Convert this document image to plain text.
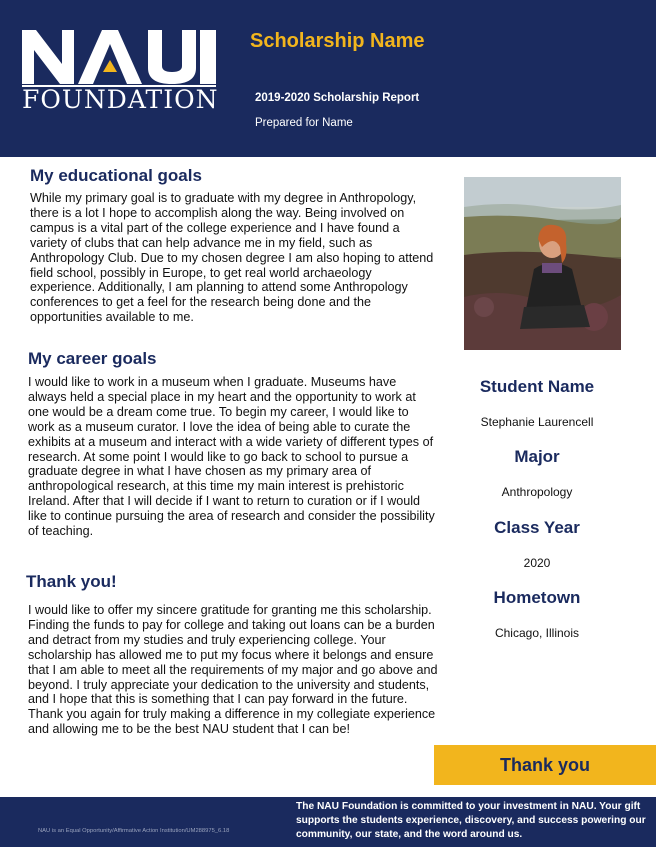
FOUNDATION
Scholarship Name
2019-2020 Scholarship Report
Prepared for Name
My educational goals
While my primary goal is to graduate with my degree in Anthropology,
there is a lot I hope to accomplish along the way. Being involved on
campus is a vital part of the college experience and I have found a
variety of clubs that can help advance me in my field, such as
Anthropology Club. Due to my chosen degree I am also hoping to attend
field school, possibly in Europe, to get real world archaeology
experience. Additionally, I am planning to attend some Anthropology
conferences to get a feel for the research being done and the
opportunities available to me.
My career goals
I would like to work in a museum when I graduate. Museums have
always held a special place in my heart and the opportunity to work at
one would be a dream come true. To begin my career, I would like to
work as a museum curator. I love the idea of being able to curate the
exhibits at a museum and interact with a wide variety of different types of
research. At some point I would like to go back to school to pursue a
graduate degree in what I have chosen as my primary area of
anthropological research, at this time my main interest is prehistoric
Ireland. After that I will decide if I want to return to curation or if I would
like to continue pursuing the area of research and consider the possibility
of teaching.
Thank you!
I would like to offer my sincere gratitude for granting me this scholarship.
Finding the funds to pay for college and taking out loans can be a burden
and detract from my studies and truly experiencing college. Your
scholarship has allowed me to put my focus where it belongs and ensure
that I am able to meet all the requirements of my major and go above and
beyond. I truly appreciate your dedication to the university and students,
and I hope that this is something that I can pay forward in the future.
Thank you again for truly making a difference in my collegiate experience
and allowing me to be the best NAU student that I can be!
Student Name
Stephanie Laurencell
Major
Anthropology
Class Year
2020
Hometown
Chicago, Illinois
Thank you
The NAU Foundation is committed to your investment in NAU. Your gift
supports the students experience, discovery, and success powering our
community, our state, and the word around us.
NAU is an Equal Opportunity/Affirmative Action Institution/UM288975_6.18
